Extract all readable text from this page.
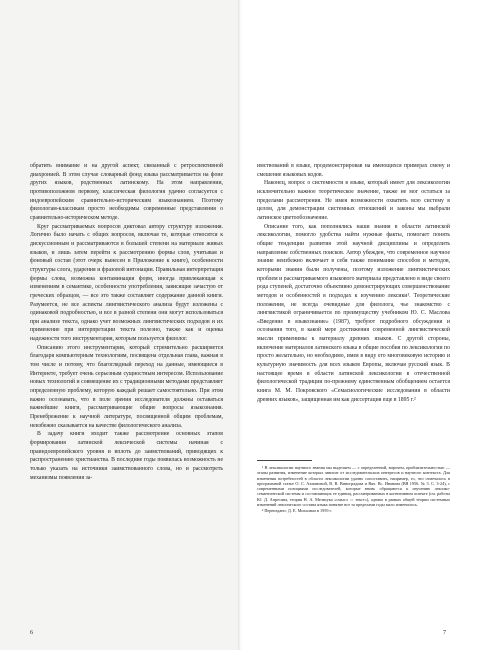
обратить внимание и на другой аспект, связанный с ретроспективной диахронией. В этом случае словарный фонд языка рассматривается на фоне других языков, родственных латинскому. На этом направлении, противоположном первому, классическая филология удачно согласуется с индоевропейским сравнительно-историческим языкознанием. Поэтому филологам-классикам просто необходимы современные представления о сравнительно-историческом методе.

Круг рассматриваемых вопросов диктовал автору структуру изложения. Логично было начать с общих вопросов, включая те, которые относятся к дискуссионным и рассматриваются в большей степени на материале живых языков, и лишь затем перейти к рассмотрению формы слов, учитывая и фоновый состав (этот очерк вынесен в Приложение к книге), особенности структуры слога, ударения и фразовой интонации. Правильная интерпретация формы слова, возможна контаминация форм, иногда привлекающая к изменениям в семантике, особенности употребления, зависящие зачастую от греческих образцов, — все это также составляет содержание данной книги. Разумеется, не все аспекты лингвистического анализа будут изложены с одинаковой подробностью, и все в разной степени они могут использоваться при анализе текста, однако учет возможных лингвистических подходов и их применение при интерпретации текста полезно, также как и оценка надежности того инструментария, которым пользуется филолог.

Описанию этого инструментария, который стремительно расширяется благодаря компьютерным технологиям, посвящена отдельная глава, важная в том числе и потому, что благоглядный переход на данные, имеющиеся в Интернете, требует очень серьезным сущностным интересом. Использование новых технологий и совмещение их с традиционными методами представляет определенную проблему, которую каждый решает самостоятельно. При этом важно осознавать, что в поле зрения исследователя должны оставаться важнейшие книги, рассматривающие общие вопросы языкознания. Пренебрежение к научной литературе, посвященной общим проблемам, неизбежно сказывается на качестве филологического анализа.

В задачу книги входит также рассмотрение основных этапов формирования латинской лексической системы начиная с праиндоевропейского уровня и вплоть до заимствований, приводящих к распространению христианства. В последние годы появилась возможность не только указать на источники заимствованного слова, но и рассмотреть механизмы появления за-

6

имствований в языке, продемонстрировав на имеющихся примерах смену и смешение языковых кодов.

Наконец, вопрос о системности в языке, который имеет для лексикологии исключительно важное теоретическое значение, также не мог остаться за пределами рассмотрения. Не имея возможности охватить всю систему в целом, для демонстрации системных отношений и законы мы выбрали латинское цветообозначение.

Описание того, как пополнялись наши знания в области латинской лексикологии, помогло удобства найти нужные факты, помогает понять общие тенденции развития этой научной дисциплины и определить направление собственных поисков. Автор убежден, что современное научное знание неизбежно включает в себя также понимание способов и методов, которыми знания были получены, поэтому изложение лингвистических проблем и рассматриваемого языкового материала представлено в виде своего рода ступеней, достаточно объективно демонстрирующих совершенствование методов и особенностей в подходах к изучению лексики¹. Теоретические положения, не всегда очевидные для филолога, чье знакомство с лингвистикой ограничивается по преимуществу учебником Ю. С. Маслова «Введение в языкознание» (1987), требуют подробного обсуждения и осознания того, в какой мере достижения современной лингвистической мысли применимы к материалу древних языков. С другой стороны, включение материалов латинского языка в общие пособия по лексикологии по просто желательно, но необходимо, имея в виду его многовековую историю и культурную значимость для всех языков Европы, включая русский язык. В настоящее время в области латинской лексикологии в отечественной филологической традиции по-прежнему единственным обобщением остается книга М. М. Покровского «Семасиологические исследования в области древних языков», защищенная им как диссертация еще в 1895 г.²

¹ В лексикологии научного знания мы выделяем — с определенной, впрочем, приблизительностью — этапы развития, изменение которых зависит от исследовательских интересов и научного контекста. Для изменения потребностей в области лексикологии удачно сопоставить, например, то, что отмечалось в программной статье О. С. Ахмановой, В. В. Виноградова и Вяч. Вс. Иванова (ВЯ 1956. № 3. С. 3-24), с современными позициями исследователей, которые вновь обращаются к изучению лексико-семантической системы и составляющих ее единиц, рассматриваемых в когнитивном аспекте (см. работы Ю. Д. Апресяна, теория Н. А. Мельчука «смысл ⇔ текст»), однако в рамках общей теории системных изменений лексического состава языка понятие все за пределами годы мало изменилось.

² Переиздано: Д. Е. Михальчи в 1959 г.

7
